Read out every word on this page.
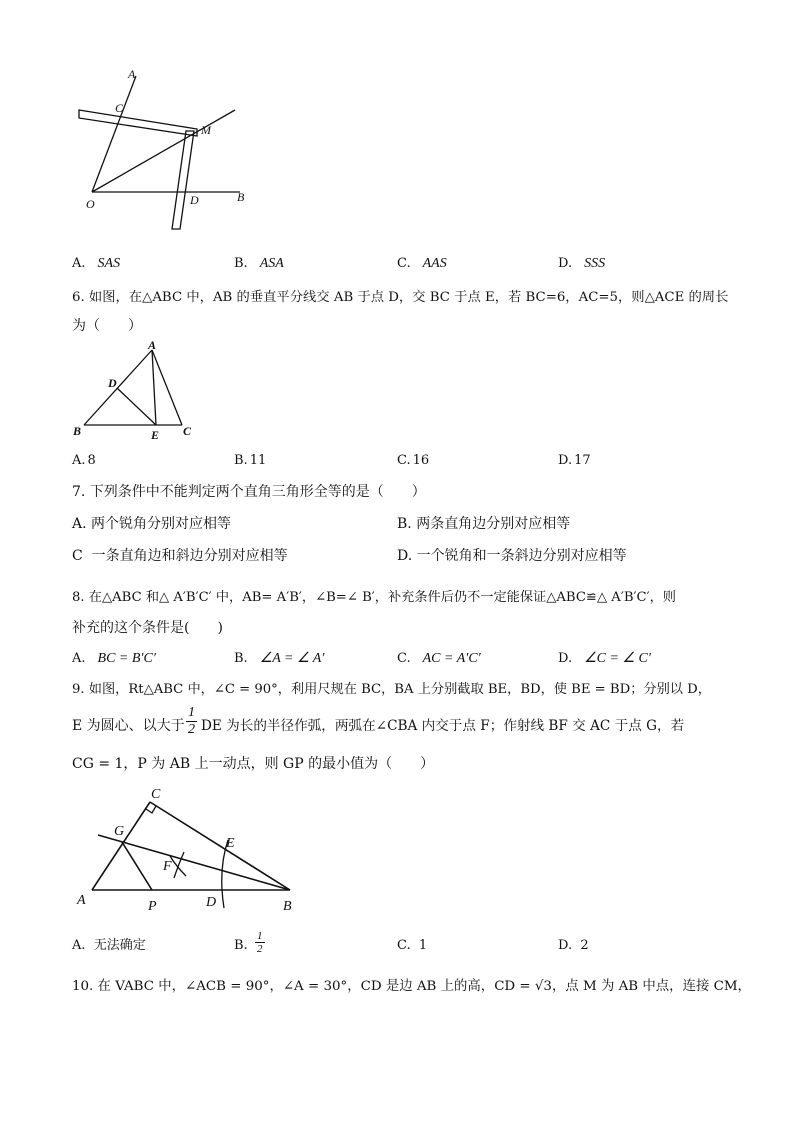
A
C
M
O	D	B
A. SAS	B. ASA	C. AAS	D. SSS
6. 如图，在△ABC 中，AB 的垂直平分线交 AB 于点 D，交 BC 于点 E，若 BC=6，AC=5，则△ACE 的周长
为（　　）
A
D
B	E C
A. 8	B. 11	C. 16	D. 17
7. 下列条件中不能判定两个直角三角形全等的是（　　）
A. 两个锐角分别对应相等	B. 两条直角边分别对应相等
C 一条直角边和斜边分别对应相等	D. 一个锐角和一条斜边分别对应相等
8. 在△ABC 和△ A′B′C′ 中，AB= A′B′，∠B=∠ B′，补充条件后仍不一定能保证△ABC≌△ A′B′C′，则
补充的这个条件是(　　)
A. BC = B′C′	B. ∠A = ∠ A′	C. AC = A′C′	D. ∠C = ∠ C′
9. 如图，Rt△ABC 中，∠C = 90°，利用尺规在 BC，BA 上分别截取 BE，BD，使 BE = BD；分别以 D，
E 为圆心、以大于 $\frac{1}{2}$ DE 为长的半径作弧，两弧在∠CBA 内交于点 F；作射线 BF 交 AC 于点 G，若
CG = 1，P 为 AB 上一动点，则 GP 的最小值为（　　）
C
G
E
F
A	P	D	B
A. 无法确定	B. $\frac{1}{2}$	C. 1	D. 2
10. 在 VABC 中，∠ACB = 90°，∠A = 30°，CD 是边 AB 上的高，CD = √3，点 M 为 AB 中点，连接 CM，
